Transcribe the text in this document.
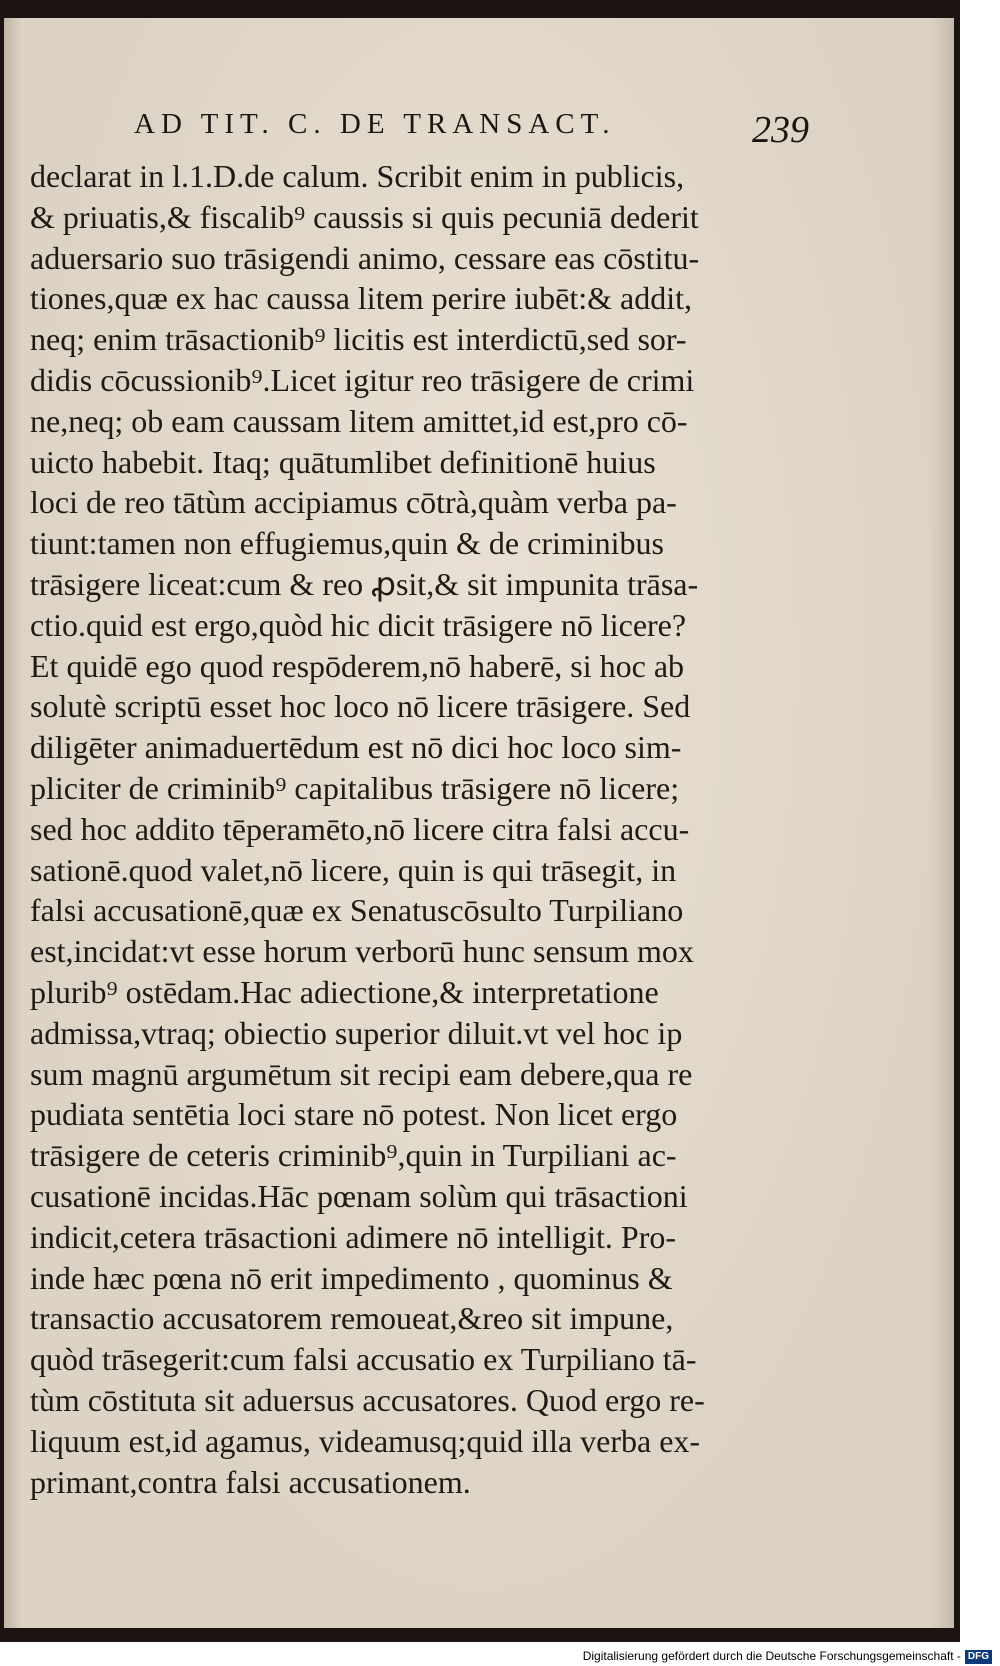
AD TIT. C. DE TRANSACT.	239
declarat in l.1.D.de calum. Scribit enim in publicis,
& priuatis,& fiscalib⁹ caussis si quis pecuniā dederit
aduersario suo trāsigendi animo, cessare eas cōstitu-
tiones,quæ ex hac caussa litem perire iubēt:& addit,
neq; enim trāsactionib⁹ licitis est interdictū,sed sor-
didis cōcussionib⁹.Licet igitur reo trāsigere de crimi
ne,neq; ob eam caussam litem amittet,id est,pro cō-
uicto habebit. Itaq; quātumlibet definitionē huius
loci de reo tātùm accipiamus cōtrà,quàm verba pa-
tiunt:tamen non effugiemus,quin & de criminibus
trāsigere liceat:cum & reo ꝓsit,& sit impunita trāsa-
ctio.quid est ergo,quòd hic dicit trāsigere nō licere?
Et quidē ego quod respōderem,nō haberē, si hoc ab
solutè scriptū esset hoc loco nō licere trāsigere. Sed
diligēter animaduertēdum est nō dici hoc loco sim-
pliciter de criminib⁹ capitalibus trāsigere nō licere;
sed hoc addito tēperamēto,nō licere citra falsi accu-
sationē.quod valet,nō licere, quin is qui trāsegit, in
falsi accusationē,quæ ex Senatuscōsulto Turpiliano
est,incidat:vt esse horum verborū hunc sensum mox
plurib⁹ ostēdam.Hac adiectione,& interpretatione
admissa,vtraq; obiectio superior diluit.vt vel hoc ip
sum magnū argumētum sit recipi eam debere,qua re
pudiata sentētia loci stare nō potest. Non licet ergo
trāsigere de ceteris criminib⁹,quin in Turpiliani ac-
cusationē incidas.Hāc pœnam solùm qui trāsactioni
indicit,cetera trāsactioni adimere nō intelligit. Pro-
inde hæc pœna nō erit impedimento , quominus &
transactio accusatorem remoueat,&reo sit impune,
quòd trāsegerit:cum falsi accusatio ex Turpiliano tā-
tùm cōstituta sit aduersus accusatores. Quod ergo re-
liquum est,id agamus, videamusq;quid illa verba ex-
primant,contra falsi accusationem.
Digitalisierung gefördert durch die Deutsche Forschungsgemeinschaft - DFG
